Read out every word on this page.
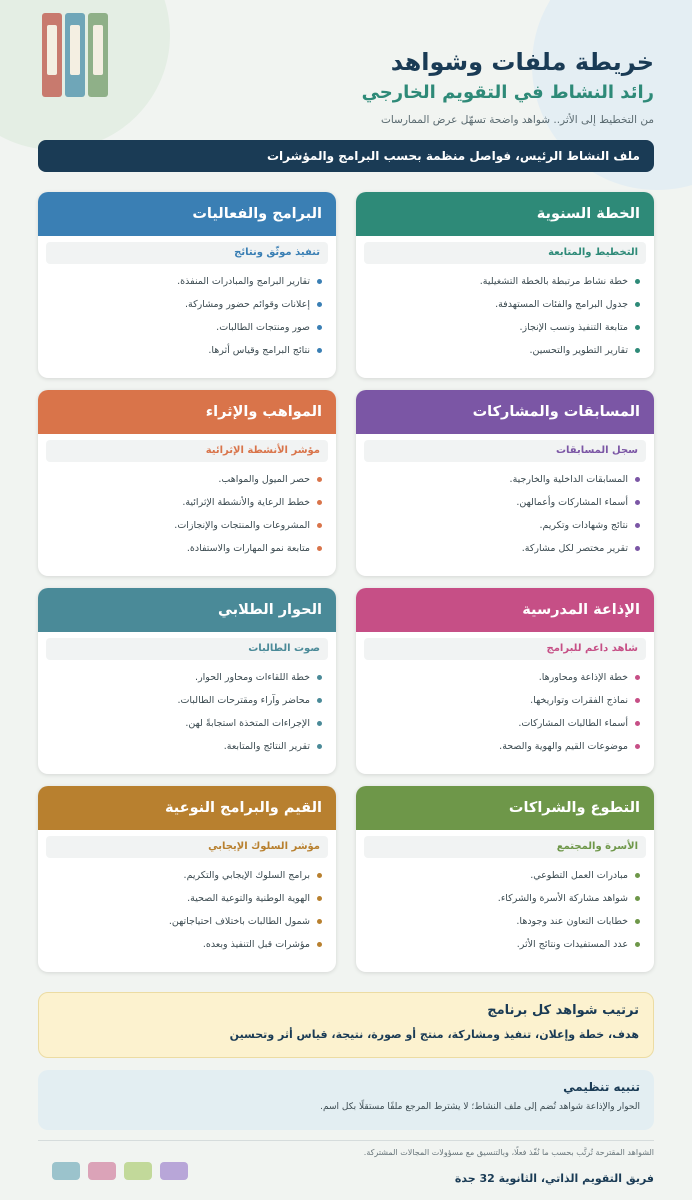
خريطة ملفات وشواهد
رائد النشاط في التقويم الخارجي
من التخطيط إلى الأثر.. شواهد واضحة تسهّل عرض الممارسات
ملف النشاط الرئيس، فواصل منظمة بحسب البرامج والمؤشرات
الخطة السنوية
التخطيط والمتابعة
خطة نشاط مرتبطة بالخطة التشغيلية.
جدول البرامج والفئات المستهدفة.
متابعة التنفيذ ونسب الإنجاز.
تقارير التطوير والتحسين.
البرامج والفعاليات
تنفيذ موثّق ونتائج
تقارير البرامج والمبادرات المنفذة.
إعلانات وقوائم حضور ومشاركة.
صور ومنتجات الطالبات.
نتائج البرامج وقياس أثرها.
المسابقات والمشاركات
سجل المسابقات
المسابقات الداخلية والخارجية.
أسماء المشاركات وأعمالهن.
نتائج وشهادات وتكريم.
تقرير مختصر لكل مشاركة.
المواهب والإثراء
مؤشر الأنشطة الإثرائية
حصر الميول والمواهب.
خطط الرعاية والأنشطة الإثرائية.
المشروعات والمنتجات والإنجازات.
متابعة نمو المهارات والاستفادة.
الإذاعة المدرسية
شاهد داعم للبرامج
خطة الإذاعة ومحاورها.
نماذج الفقرات وتواريخها.
أسماء الطالبات المشاركات.
موضوعات القيم والهوية والصحة.
الحوار الطلابي
صوت الطالبات
خطة اللقاءات ومحاور الحوار.
محاضر وآراء ومقترحات الطالبات.
الإجراءات المتخذة استجابةً لهن.
تقرير النتائج والمتابعة.
التطوع والشراكات
الأسرة والمجتمع
مبادرات العمل التطوعي.
شواهد مشاركة الأسرة والشركاء.
خطابات التعاون عند وجودها.
عدد المستفيدات ونتائج الأثر.
القيم والبرامج النوعية
مؤشر السلوك الإيجابي
برامج السلوك الإيجابي والتكريم.
الهوية الوطنية والتوعية الصحية.
شمول الطالبات باختلاف احتياجاتهن.
مؤشرات قبل التنفيذ وبعده.
ترتيب شواهد كل برنامج
هدف، خطة وإعلان، تنفيذ ومشاركة، منتج أو صورة، نتيجة، قياس أثر وتحسين
تنبيه تنظيمي
الحوار والإذاعة شواهد تُضم إلى ملف النشاط؛ لا يشترط المرجع ملفًا مستقلًا بكل اسم.
الشواهد المقترحة تُرتَّب بحسب ما نُفّذ فعلًا، وبالتنسيق مع مسؤولات المجالات المشتركة.
فريق التقويم الذاتي، الثانوية 32 جدة
